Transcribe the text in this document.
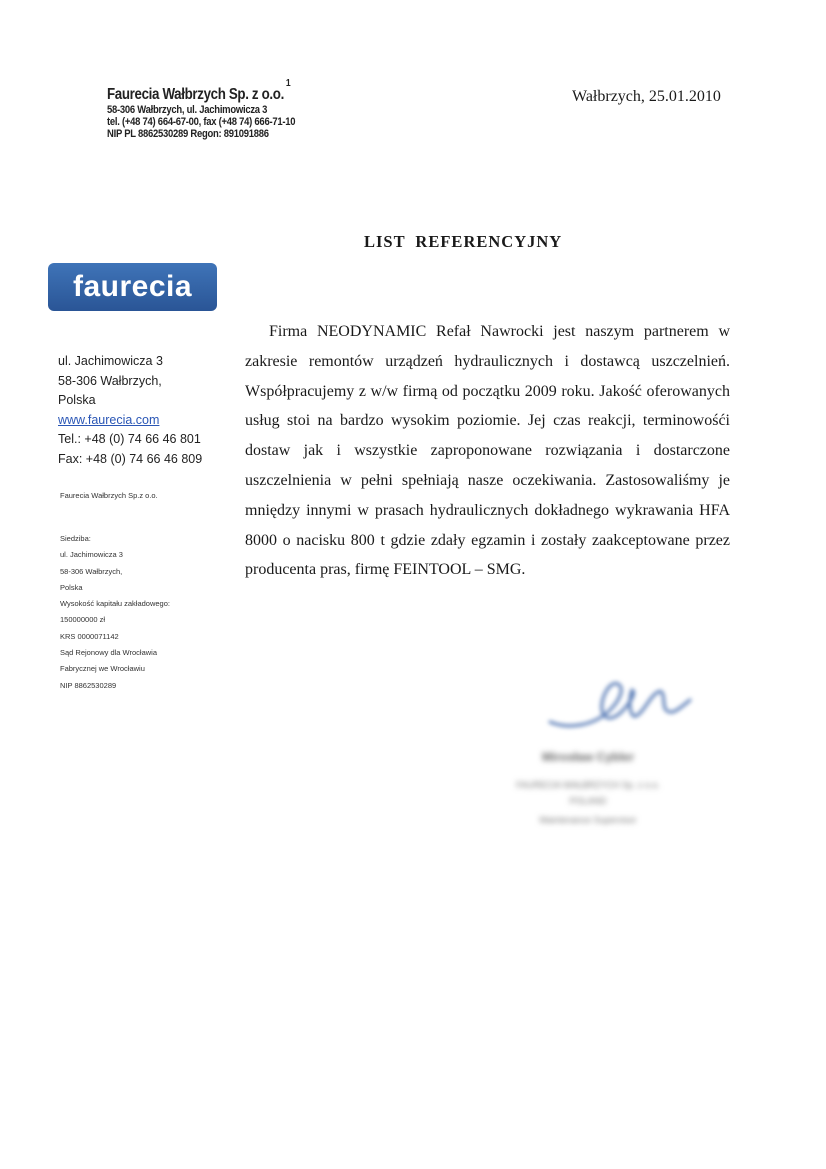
Faurecia Wałbrzych Sp. z o.o.
1
58-306 Wałbrzych, ul. Jachimowicza 3
tel. (+48 74) 664-67-00, fax (+48 74) 666-71-10
NIP PL 8862530289 Regon: 891091886
Wałbrzych, 25.01.2010
LIST REFERENCYJNY
faurecia
ul. Jachimowicza 3
58-306 Wałbrzych,
Polska
www.faurecia.com
Tel.: +48 (0) 74 66 46 801
Fax: +48 (0) 74 66 46 809
Faurecia Wałbrzych Sp.z o.o.
Siedziba:
ul. Jachimowicza 3
58-306 Wałbrzych,
Polska
Wysokość kapitału zakładowego:
150000000 zł
KRS 0000071142
Sąd Rejonowy dla Wrocławia
Fabrycznej we Wrocławiu
NIP 8862530289
Firma NEODYNAMIC Refał Nawrocki jest naszym partnerem w zakresie remontów urządzeń hydraulicznych i dostawcą uszczelnień. Współpracujemy z w/w firmą od początku 2009 roku. Jakość oferowanych usług stoi na bardzo wysokim poziomie. Jej czas reakcji, terminowośći dostaw jak i wszystkie zaproponowane rozwiązania i dostarczone uszczelnienia w pełni spełniają nasze oczekiwania. Zastosowaliśmy je mniędzy innymi w prasach hydraulicznych dokładnego wykrawania HFA 8000 o nacisku 800 t gdzie zdały egzamin i zostały zaakceptowane przez producenta pras, firmę FEINTOOL – SMG.
Mirosław Cybler
FAURECIA WAŁBRZYCH Sp. z o.o.
POLAND
Maintenance Supervisor
